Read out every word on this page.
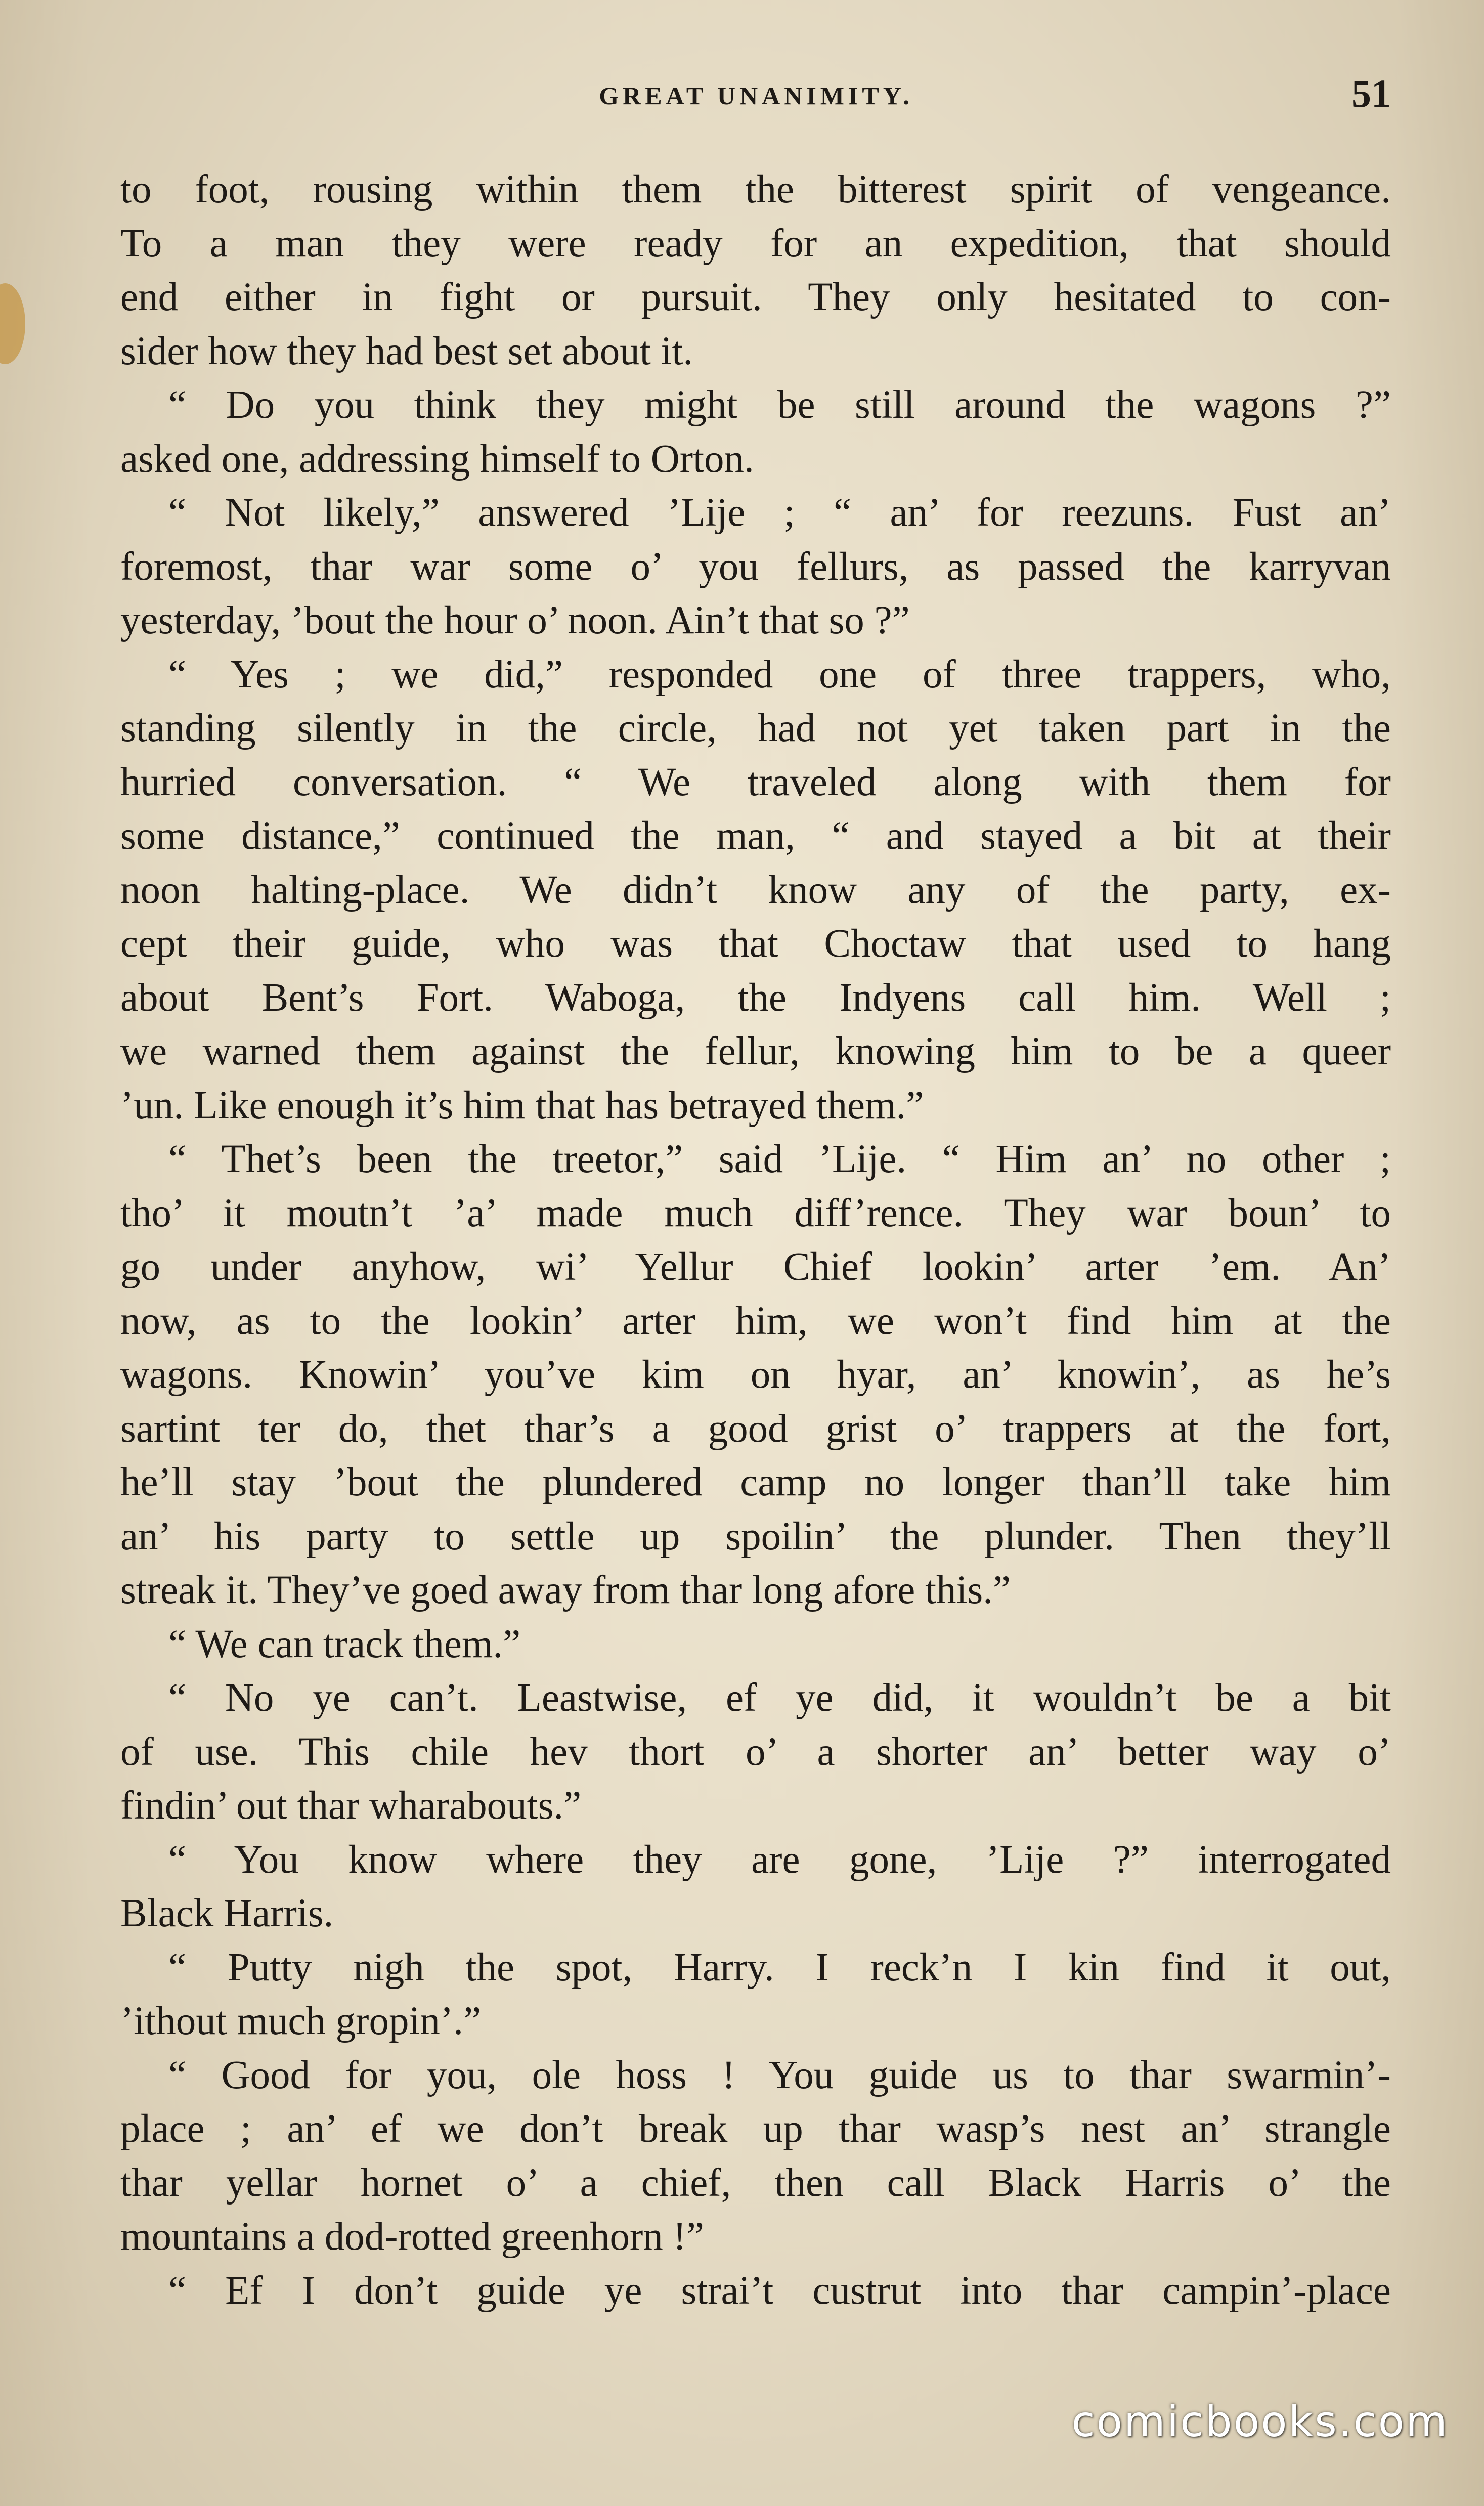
GREAT UNANIMITY.	51
to foot, rousing within them the bitterest spirit of vengeance.
To a man they were ready for an expedition, that should
end either in fight or pursuit. They only hesitated to con-
sider how they had best set about it.
“ Do you think they might be still around the wagons ?”
asked one, addressing himself to Orton.
“ Not likely,” answered ’Lije ; “ an’ for reezuns. Fust an’
foremost, thar war some o’ you fellurs, as passed the karryvan
yesterday, ’bout the hour o’ noon. Ain’t that so ?”
“ Yes ; we did,” responded one of three trappers, who,
standing silently in the circle, had not yet taken part in the
hurried conversation. “ We traveled along with them for
some distance,” continued the man, “ and stayed a bit at their
noon halting-place. We didn’t know any of the party, ex-
cept their guide, who was that Choctaw that used to hang
about Bent’s Fort. Waboga, the Indyens call him. Well ;
we warned them against the fellur, knowing him to be a queer
’un. Like enough it’s him that has betrayed them.”
“ Thet’s been the treetor,” said ’Lije. “ Him an’ no other ;
tho’ it moutn’t ’a’ made much diff’rence. They war boun’ to
go under anyhow, wi’ Yellur Chief lookin’ arter ’em. An’
now, as to the lookin’ arter him, we won’t find him at the
wagons. Knowin’ you’ve kim on hyar, an’ knowin’, as he’s
sartint ter do, thet thar’s a good grist o’ trappers at the fort,
he’ll stay ’bout the plundered camp no longer than’ll take him
an’ his party to settle up spoilin’ the plunder. Then they’ll
streak it. They’ve goed away from thar long afore this.”
“ We can track them.”
“ No ye can’t. Leastwise, ef ye did, it wouldn’t be a bit
of use. This chile hev thort o’ a shorter an’ better way o’
findin’ out thar wharabouts.”
“ You know where they are gone, ’Lije ?” interrogated
Black Harris.
“ Putty nigh the spot, Harry. I reck’n I kin find it out,
’ithout much gropin’.”
“ Good for you, ole hoss ! You guide us to thar swarmin’-
place ; an’ ef we don’t break up thar wasp’s nest an’ strangle
thar yellar hornet o’ a chief, then call Black Harris o’ the
mountains a dod-rotted greenhorn !”
“ Ef I don’t guide ye strai’t custrut into thar campin’-place
comicbooks.com
